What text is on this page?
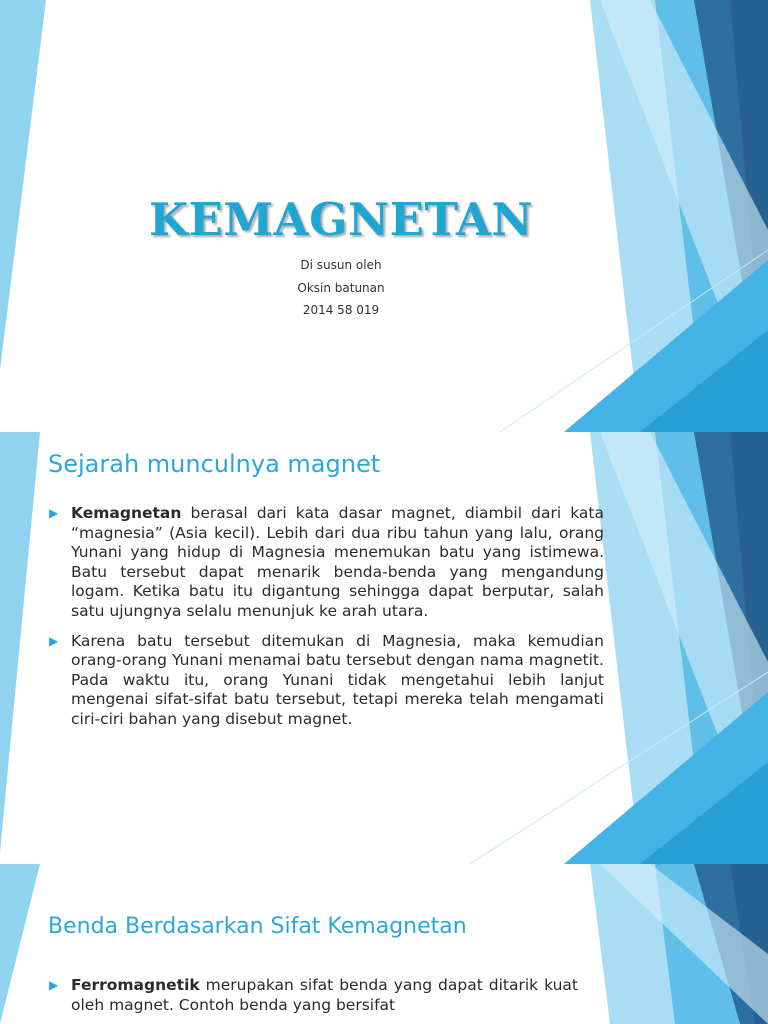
KEMAGNETAN
Di susun oleh
Oksin batunan
2014 58 019
Sejarah munculnya magnet
▶ Kemagnetan berasal dari kata dasar magnet, diambil dari kata “magnesia” (Asia kecil). Lebih dari dua ribu tahun yang lalu, orang Yunani yang hidup di Magnesia menemukan batu yang istimewa. Batu tersebut dapat menarik benda-benda yang mengandung logam. Ketika batu itu digantung sehingga dapat berputar, salah satu ujungnya selalu menunjuk ke arah utara.
▶ Karena batu tersebut ditemukan di Magnesia, maka kemudian orang-orang Yunani menamai batu tersebut dengan nama magnetit. Pada waktu itu, orang Yunani tidak mengetahui lebih lanjut mengenai sifat-sifat batu tersebut, tetapi mereka telah mengamati ciri-ciri bahan yang disebut magnet.
Benda Berdasarkan Sifat Kemagnetan
▶ Ferromagnetik merupakan sifat benda yang dapat ditarik kuat oleh magnet. Contoh benda yang bersifat
